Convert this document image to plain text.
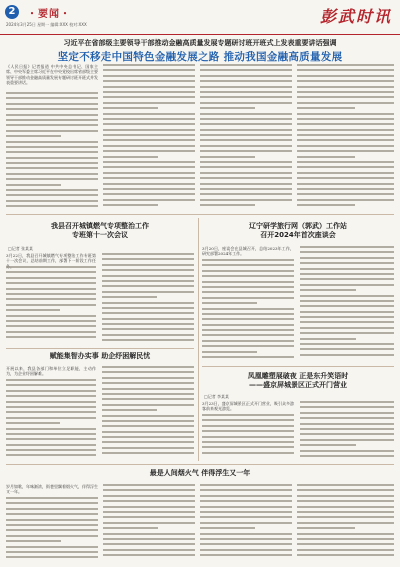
2	・要闻・
2024年3月25日 星期一 编辑:XXX 校对:XXX	彭武时讯
习近平在省部级主要领导干部推动金融高质量发展专题研讨班开班式上发表重要讲话强调
坚定不移走中国特色金融发展之路 推动我国金融高质量发展
《人民日报》记者报道 中共中央总书记、国家主席、中央军委主席习近平在中央党校出席省部级主要领导干部推动金融高质量发展专题研讨班开班式并发表重要讲话。
我县召开城镇燃气专项整治工作
专班第十一次会议
□记者 张某某
3月22日，我县召开城镇燃气专项整治工作专班第十一次会议，总结前期工作，部署下一阶段工作任
赋能集智办实事 助企纾困解民忧
开展以来，我县各部门和单位立足职能，主动作为，为企业纾困解难。
辽宁研学旅行网（郭武）工作站
召开2024年首次座谈会
3月20日，座谈会在县城召开，总结2023年工作，研究部署2024年工作。
凤凰雕塑展破夜 正是东升笑语时
——盛京屏城景区正式开门营业
□记者 李某某
3月23日，盛京屏城景区正式开门营业，吸引众多游客前来观光游览。
最是人间烟火气 伴得浮生又一年
岁月如歌，年味渐浓，街巷里飘着烟火气，伴得浮生又一年。
